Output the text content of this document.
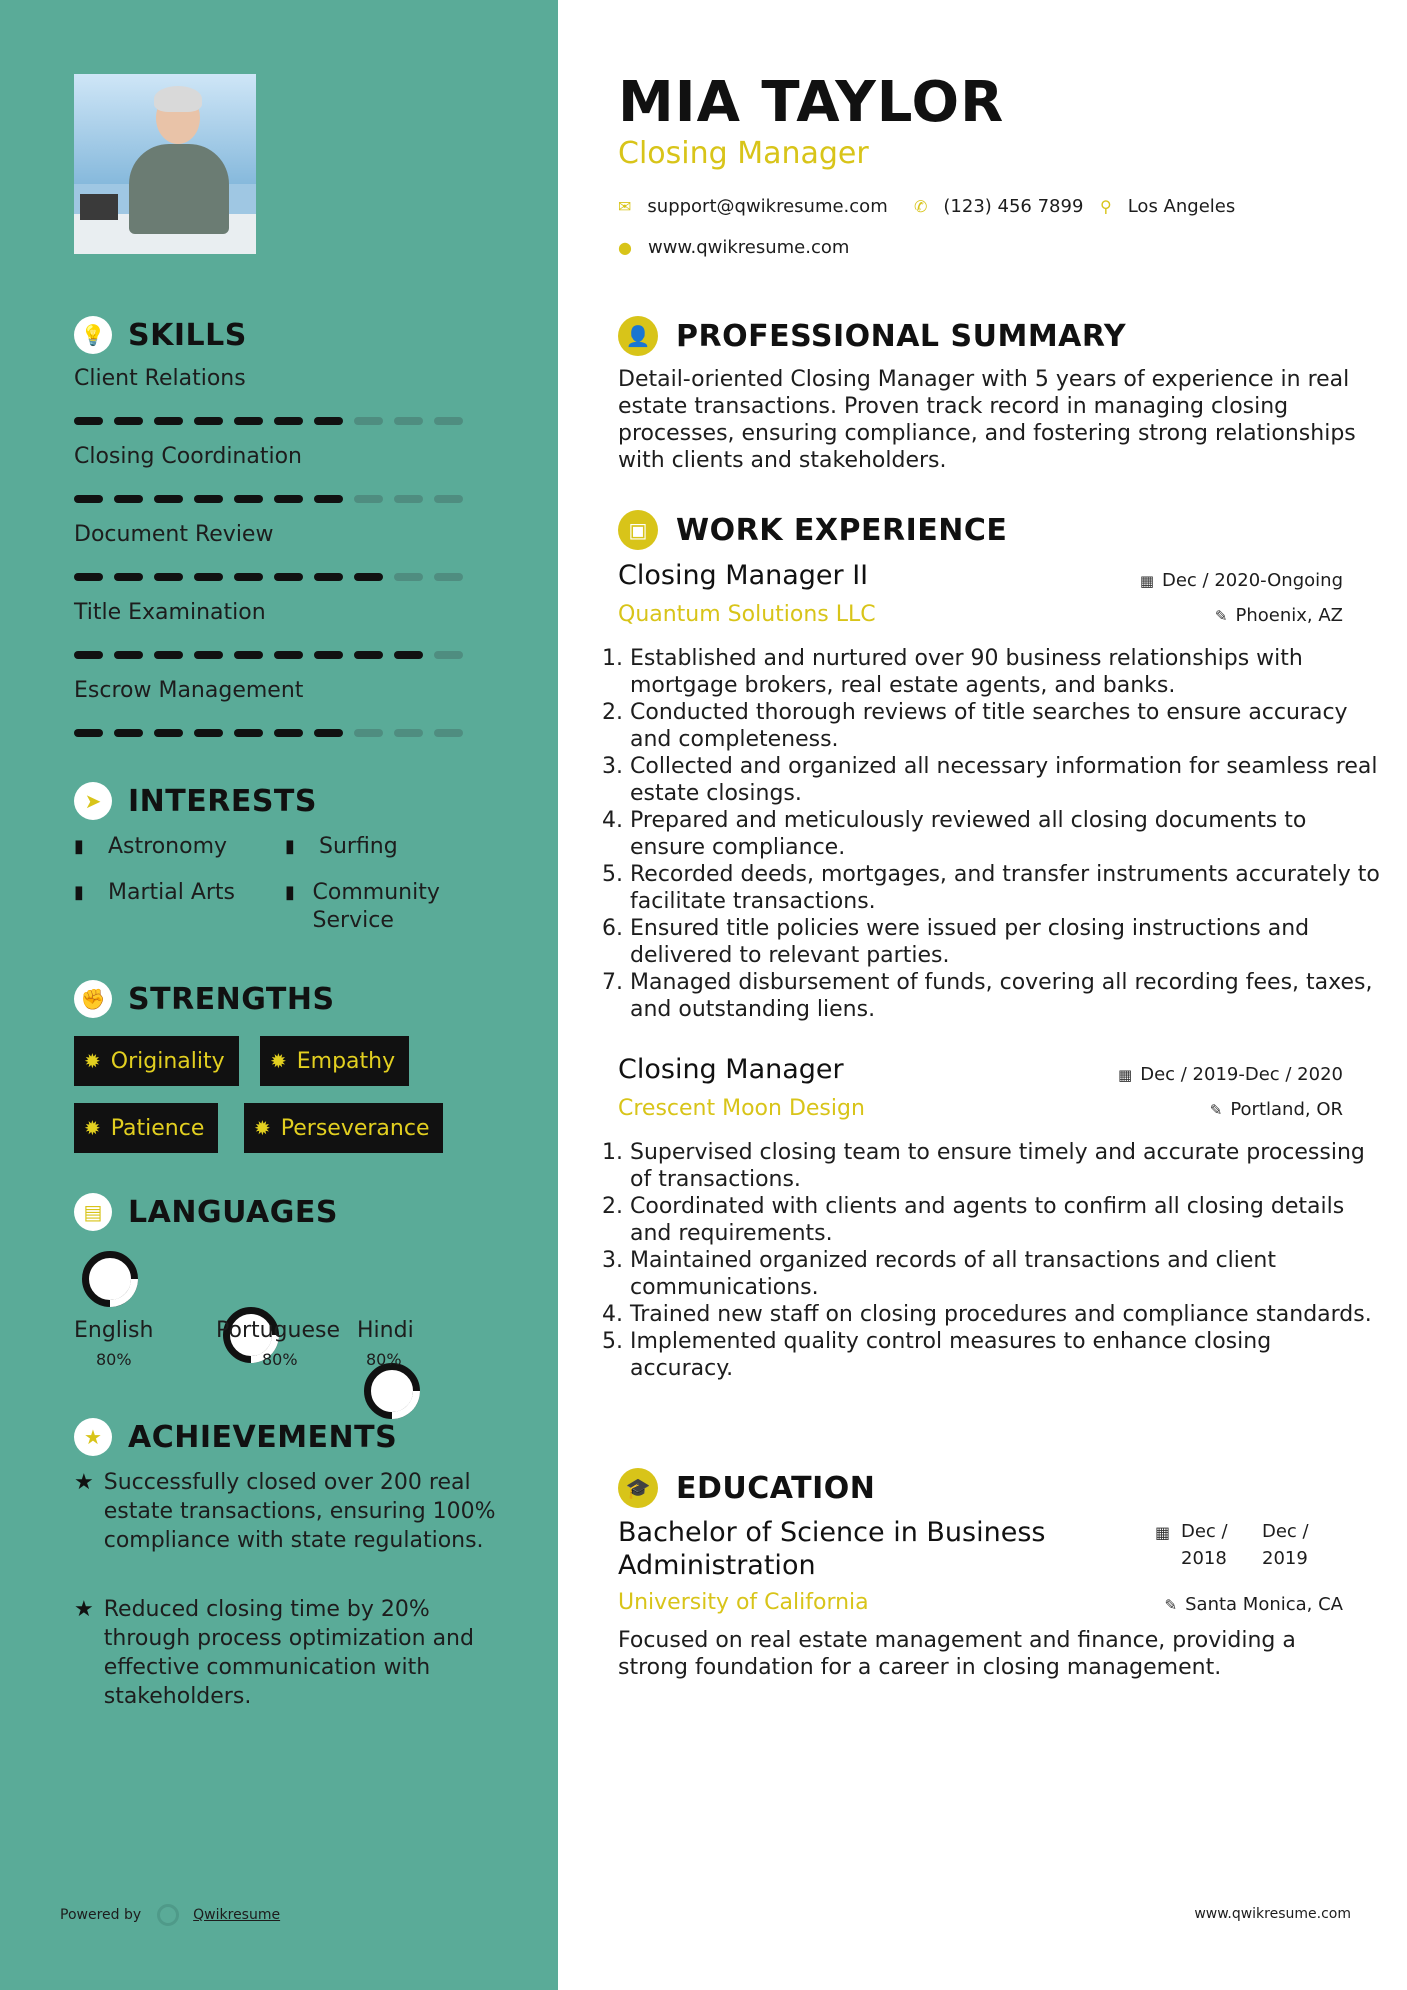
💡 SKILLS
Client Relations
Closing Coordination
Document Review
Title Examination
Escrow Management
➤ INTERESTS
▮	Astronomy	▮	Surfing
▮	Martial Arts	▮ Community Service
✊ STRENGTHS
✹ Originality ✹ Empathy
✹ Patience ✹ Perseverance
▤ LANGUAGES
English
80%
Portuguese
80%
Hindi
80%
★ ACHIEVEMENTS
★ Successfully closed over 200 real estate transactions, ensuring 100% compliance with state regulations.
★ Reduced closing time by 20% through process optimization and effective communication with stakeholders.
Powered by	Qwikresume
MIA TAYLOR
Closing Manager
✉ support@qwikresume.com ✆ (123) 456 7899 ⚲ Los Angeles
● www.qwikresume.com
👤 PROFESSIONAL SUMMARY
Detail-oriented Closing Manager with 5 years of experience in real estate transactions. Proven track record in managing closing processes, ensuring compliance, and fostering strong relationships with clients and stakeholders.
▣ WORK EXPERIENCE
Closing Manager II	▦ Dec / 2020-Ongoing
Quantum Solutions LLC	✎ Phoenix, AZ
1. Established and nurtured over 90 business relationships with mortgage brokers, real estate agents, and banks.
2. Conducted thorough reviews of title searches to ensure accuracy and completeness.
3. Collected and organized all necessary information for seamless real estate closings.
4. Prepared and meticulously reviewed all closing documents to ensure compliance.
5. Recorded deeds, mortgages, and transfer instruments accurately to facilitate transactions.
6. Ensured title policies were issued per closing instructions and delivered to relevant parties.
7. Managed disbursement of funds, covering all recording fees, taxes, and outstanding liens.
Closing Manager	▦ Dec / 2019-Dec / 2020
Crescent Moon Design	✎ Portland, OR
1. Supervised closing team to ensure timely and accurate processing of transactions.
2. Coordinated with clients and agents to confirm all closing details and requirements.
3. Maintained organized records of all transactions and client communications.
4. Trained new staff on closing procedures and compliance standards.
5. Implemented quality control measures to enhance closing accuracy.
🎓 EDUCATION
Bachelor of Science in Business Administration
▦ Dec /
2018
Dec /
2019
University of California	✎ Santa Monica, CA
Focused on real estate management and finance, providing a strong foundation for a career in closing management.
www.qwikresume.com
